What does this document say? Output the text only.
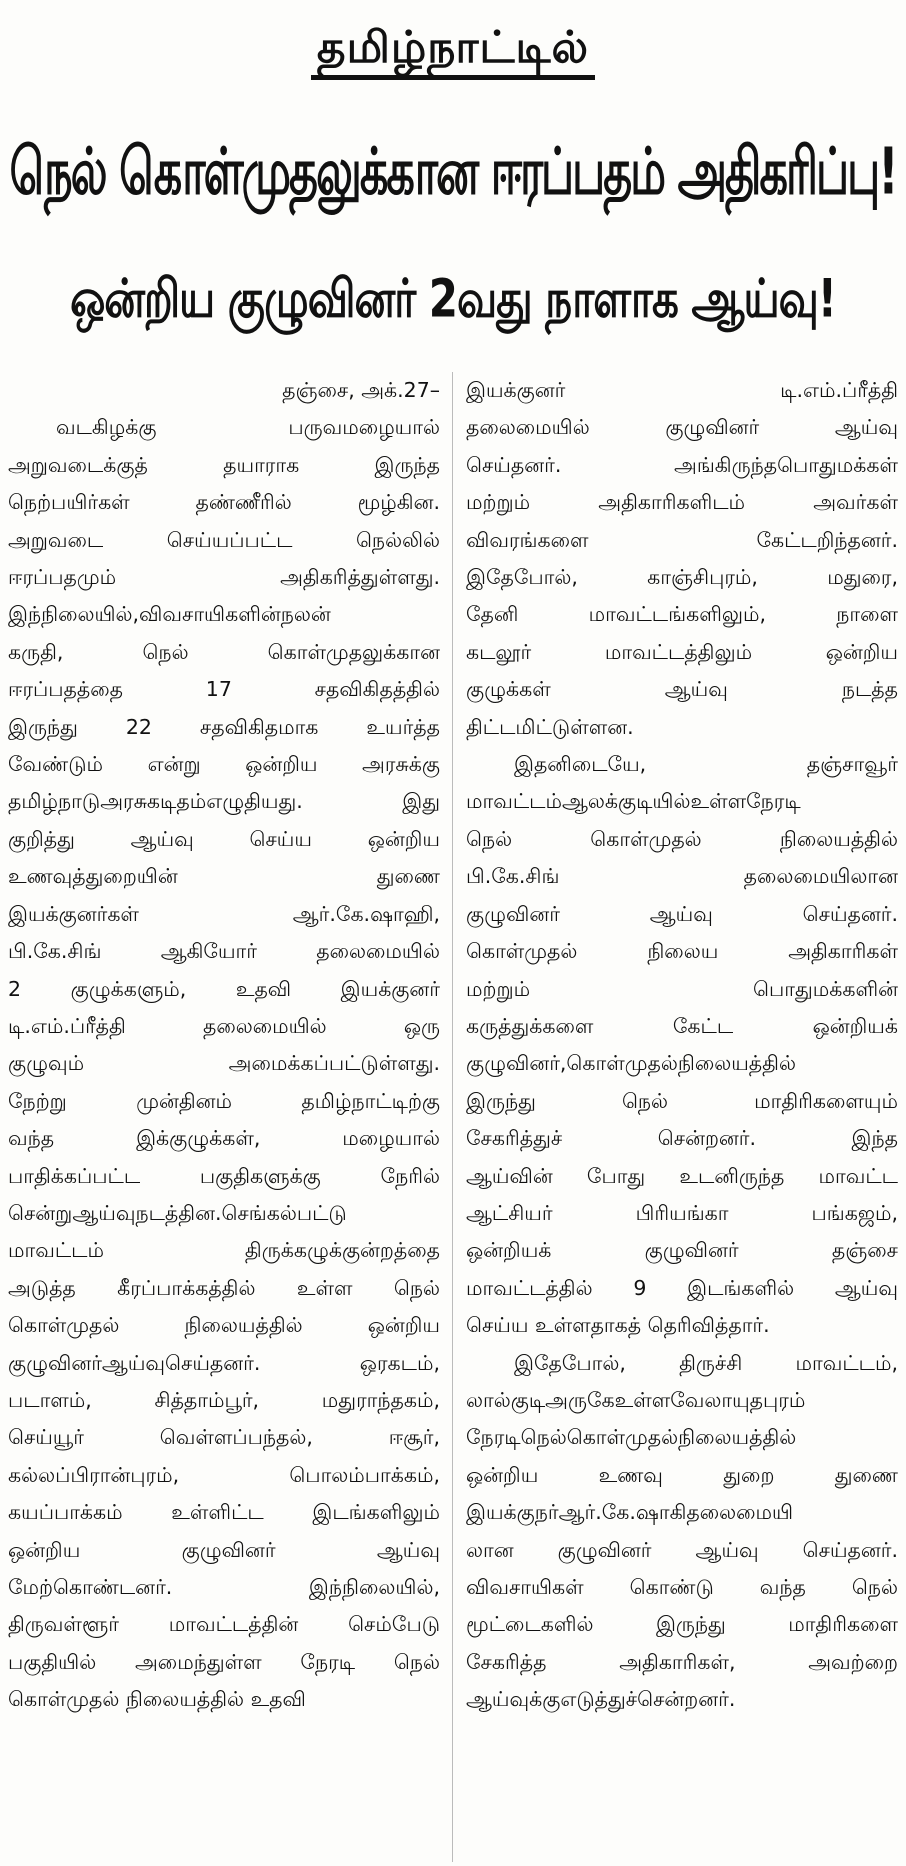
தமிழ்நாட்டில்
நெல் கொள்முதலுக்கான ஈரப்பதம் அதிகரிப்பு!
ஒன்றிய குழுவினர் 2வது நாளாக ஆய்வு!
தஞ்சை, அக்.27–
வடகிழக்கு பருவமழையால்
அறுவடைக்குத் தயாராக இருந்த
நெற்பயிர்கள் தண்ணீரில் மூழ்கின.
அறுவடை செய்யப்பட்ட நெல்லில்
ஈரப்பதமும் அதிகரித்துள்ளது.
இந்நிலையில்,விவசாயிகளின்நலன்
கருதி, நெல் கொள்முதலுக்கான
ஈரப்பதத்தை 17 சதவிகிதத்தில்
இருந்து 22 சதவிகிதமாக உயர்த்த
வேண்டும் என்று ஒன்றிய அரசுக்கு
தமிழ்நாடுஅரசுகடிதம்எழுதியது. இது
குறித்து ஆய்வு செய்ய ஒன்றிய
உணவுத்துறையின் துணை
இயக்குனர்கள் ஆர்.கே.ஷாஹி,
பி.கே.சிங் ஆகியோர் தலைமையில்
2 குழுக்களும், உதவி இயக்குனர்
டி.எம்.ப்ரீத்தி தலைமையில் ஒரு
குழுவும் அமைக்கப்பட்டுள்ளது.
நேற்று முன்தினம் தமிழ்நாட்டிற்கு
வந்த இக்குழுக்கள், மழையால்
பாதிக்கப்பட்ட பகுதிகளுக்கு நேரில்
சென்றுஆய்வுநடத்தின.செங்கல்பட்டு
மாவட்டம் திருக்கழுக்குன்றத்தை
அடுத்த கீரப்பாக்கத்தில் உள்ள நெல்
கொள்முதல் நிலையத்தில் ஒன்றிய
குழுவினர்ஆய்வுசெய்தனர். ஒரகடம்,
படாளம், சித்தாம்பூர், மதுராந்தகம்,
செய்யூர் வெள்ளப்பந்தல், ஈசூர்,
கல்லப்பிரான்புரம், பொலம்பாக்கம்,
கயப்பாக்கம் உள்ளிட்ட இடங்களிலும்
ஒன்றிய குழுவினர் ஆய்வு
மேற்கொண்டனர். இந்நிலையில்,
திருவள்ளூர் மாவட்டத்தின் செம்பேடு
பகுதியில் அமைந்துள்ள நேரடி நெல்
கொள்முதல் நிலையத்தில் உதவி
இயக்குனர் டி.எம்.ப்ரீத்தி
தலைமையில் குழுவினர் ஆய்வு
செய்தனர். அங்கிருந்தபொதுமக்கள்
மற்றும் அதிகாரிகளிடம் அவர்கள்
விவரங்களை கேட்டறிந்தனர்.
இதேபோல், காஞ்சிபுரம், மதுரை,
தேனி மாவட்டங்களிலும், நாளை
கடலூர் மாவட்டத்திலும் ஒன்றிய
குழுக்கள் ஆய்வு நடத்த
திட்டமிட்டுள்ளன.
இதனிடையே, தஞ்சாவூர்
மாவட்டம்ஆலக்குடியில்உள்ளநேரடி
நெல் கொள்முதல் நிலையத்தில்
பி.கே.சிங் தலைமையிலான
குழுவினர் ஆய்வு செய்தனர்.
கொள்முதல் நிலைய அதிகாரிகள்
மற்றும் பொதுமக்களின்
கருத்துக்களை கேட்ட ஒன்றியக்
குழுவினர்,கொள்முதல்நிலையத்தில்
இருந்து நெல் மாதிரிகளையும்
சேகரித்துச் சென்றனர். இந்த
ஆய்வின் போது உடனிருந்த மாவட்ட
ஆட்சியர் பிரியங்கா பங்கஜம்,
ஒன்றியக் குழுவினர் தஞ்சை
மாவட்டத்தில் 9 இடங்களில் ஆய்வு
செய்ய உள்ளதாகத் தெரிவித்தார்.
இதேபோல், திருச்சி மாவட்டம்,
லால்குடிஅருகேஉள்ளவேலாயுதபுரம்
நேரடிநெல்கொள்முதல்நிலையத்தில்
ஒன்றிய உணவு துறை துணை
இயக்குநர்ஆர்.கே.ஷாகிதலைமையி
லான குழுவினர் ஆய்வு செய்தனர்.
விவசாயிகள் கொண்டு வந்த நெல்
மூட்டைகளில் இருந்து மாதிரிகளை
சேகரித்த அதிகாரிகள், அவற்றை
ஆய்வுக்குஎடுத்துச்சென்றனர்.
